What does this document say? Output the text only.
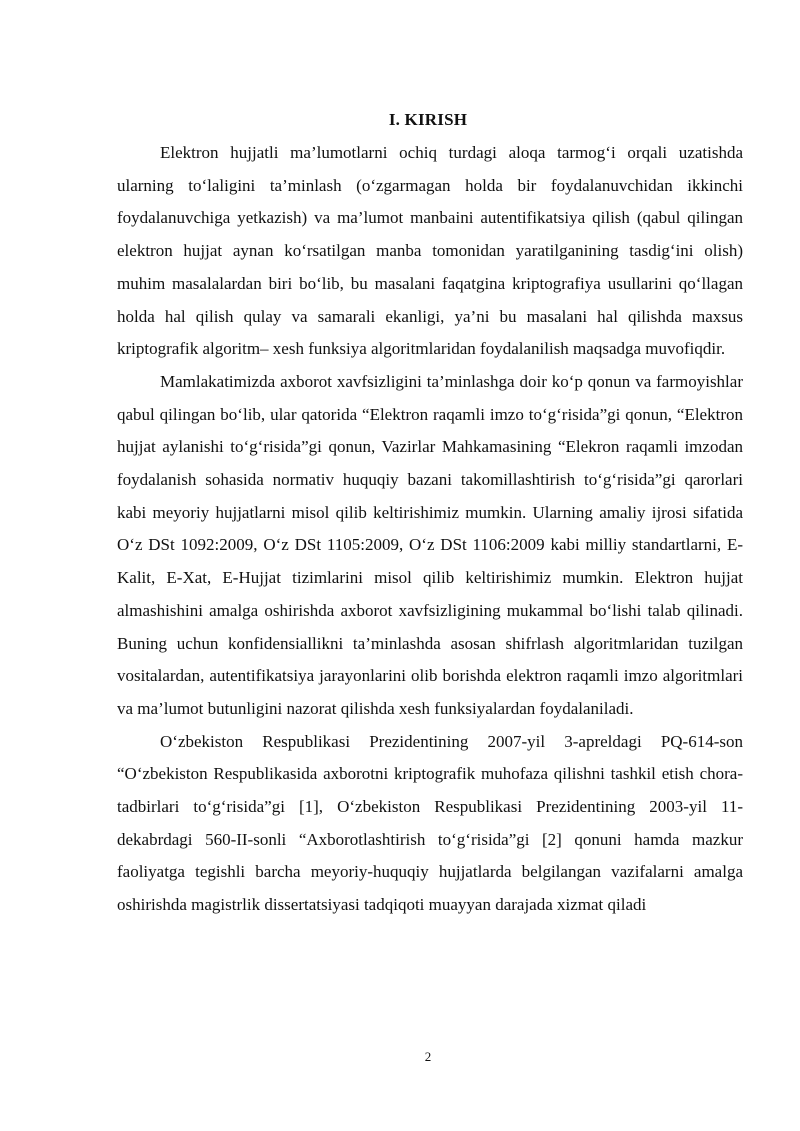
I. KIRISH

Elektron hujjatli ma’lumotlarni ochiq turdagi aloqa tarmog‘i orqali uzatishda ularning to‘laligini ta’minlash (o‘zgarmagan holda bir foydalanuvchidan ikkinchi foydalanuvchiga yetkazish) va ma’lumot manbaini autentifikatsiya qilish (qabul qilingan elektron hujjat aynan ko‘rsatilgan manba tomonidan yaratilganining tasdig‘ini olish) muhim masalalardan biri bo‘lib, bu masalani faqatgina kriptografiya usullarini qo‘llagan holda hal qilish qulay va samarali ekanligi, ya’ni bu masalani hal qilishda maxsus kriptografik algoritm– xesh funksiya algoritmlaridan foydalanilish maqsadga muvofiqdir.

Mamlakatimizda axborot xavfsizligini ta’minlashga doir ko‘p qonun va farmoyishlar qabul qilingan bo‘lib, ular qatorida “Elektron raqamli imzo to‘g‘risida”gi qonun, “Elektron hujjat aylanishi to‘g‘risida”gi qonun, Vazirlar Mahkamasining “Elekron raqamli imzodan foydalanish sohasida normativ huquqiy bazani takomillashtirish to‘g‘risida”gi qarorlari kabi meyoriy hujjatlarni misol qilib keltirishimiz mumkin. Ularning amaliy ijrosi sifatida O‘z DSt 1092:2009, O‘z DSt 1105:2009, O‘z DSt 1106:2009 kabi milliy standartlarni, E-Kalit, E-Xat, E-Hujjat tizimlarini misol qilib keltirishimiz mumkin. Elektron hujjat almashishini amalga oshirishda axborot xavfsizligining mukammal bo‘lishi talab qilinadi. Buning uchun konfidensiallikni ta’minlashda asosan shifrlash algoritmlaridan tuzilgan vositalardan, autentifikatsiya jarayonlarini olib borishda elektron raqamli imzo algoritmlari va ma’lumot butunligini nazorat qilishda xesh funksiyalardan foydalaniladi.

O‘zbekiston Respublikasi Prezidentining 2007-yil 3-apreldagi PQ-614-son “O‘zbekiston Respublikasida axborotni kriptografik muhofaza qilishni tashkil etish chora-tadbirlari to‘g‘risida”gi [1], O‘zbekiston Respublikasi Prezidentining 2003-yil 11-dekabrdagi 560-II-sonli “Axborotlashtirish to‘g‘risida”gi [2] qonuni hamda mazkur faoliyatga tegishli barcha meyoriy-huquqiy hujjatlarda belgilangan vazifalarni amalga oshirishda magistrlik dissertatsiyasi tadqiqoti muayyan darajada xizmat qiladi

2
